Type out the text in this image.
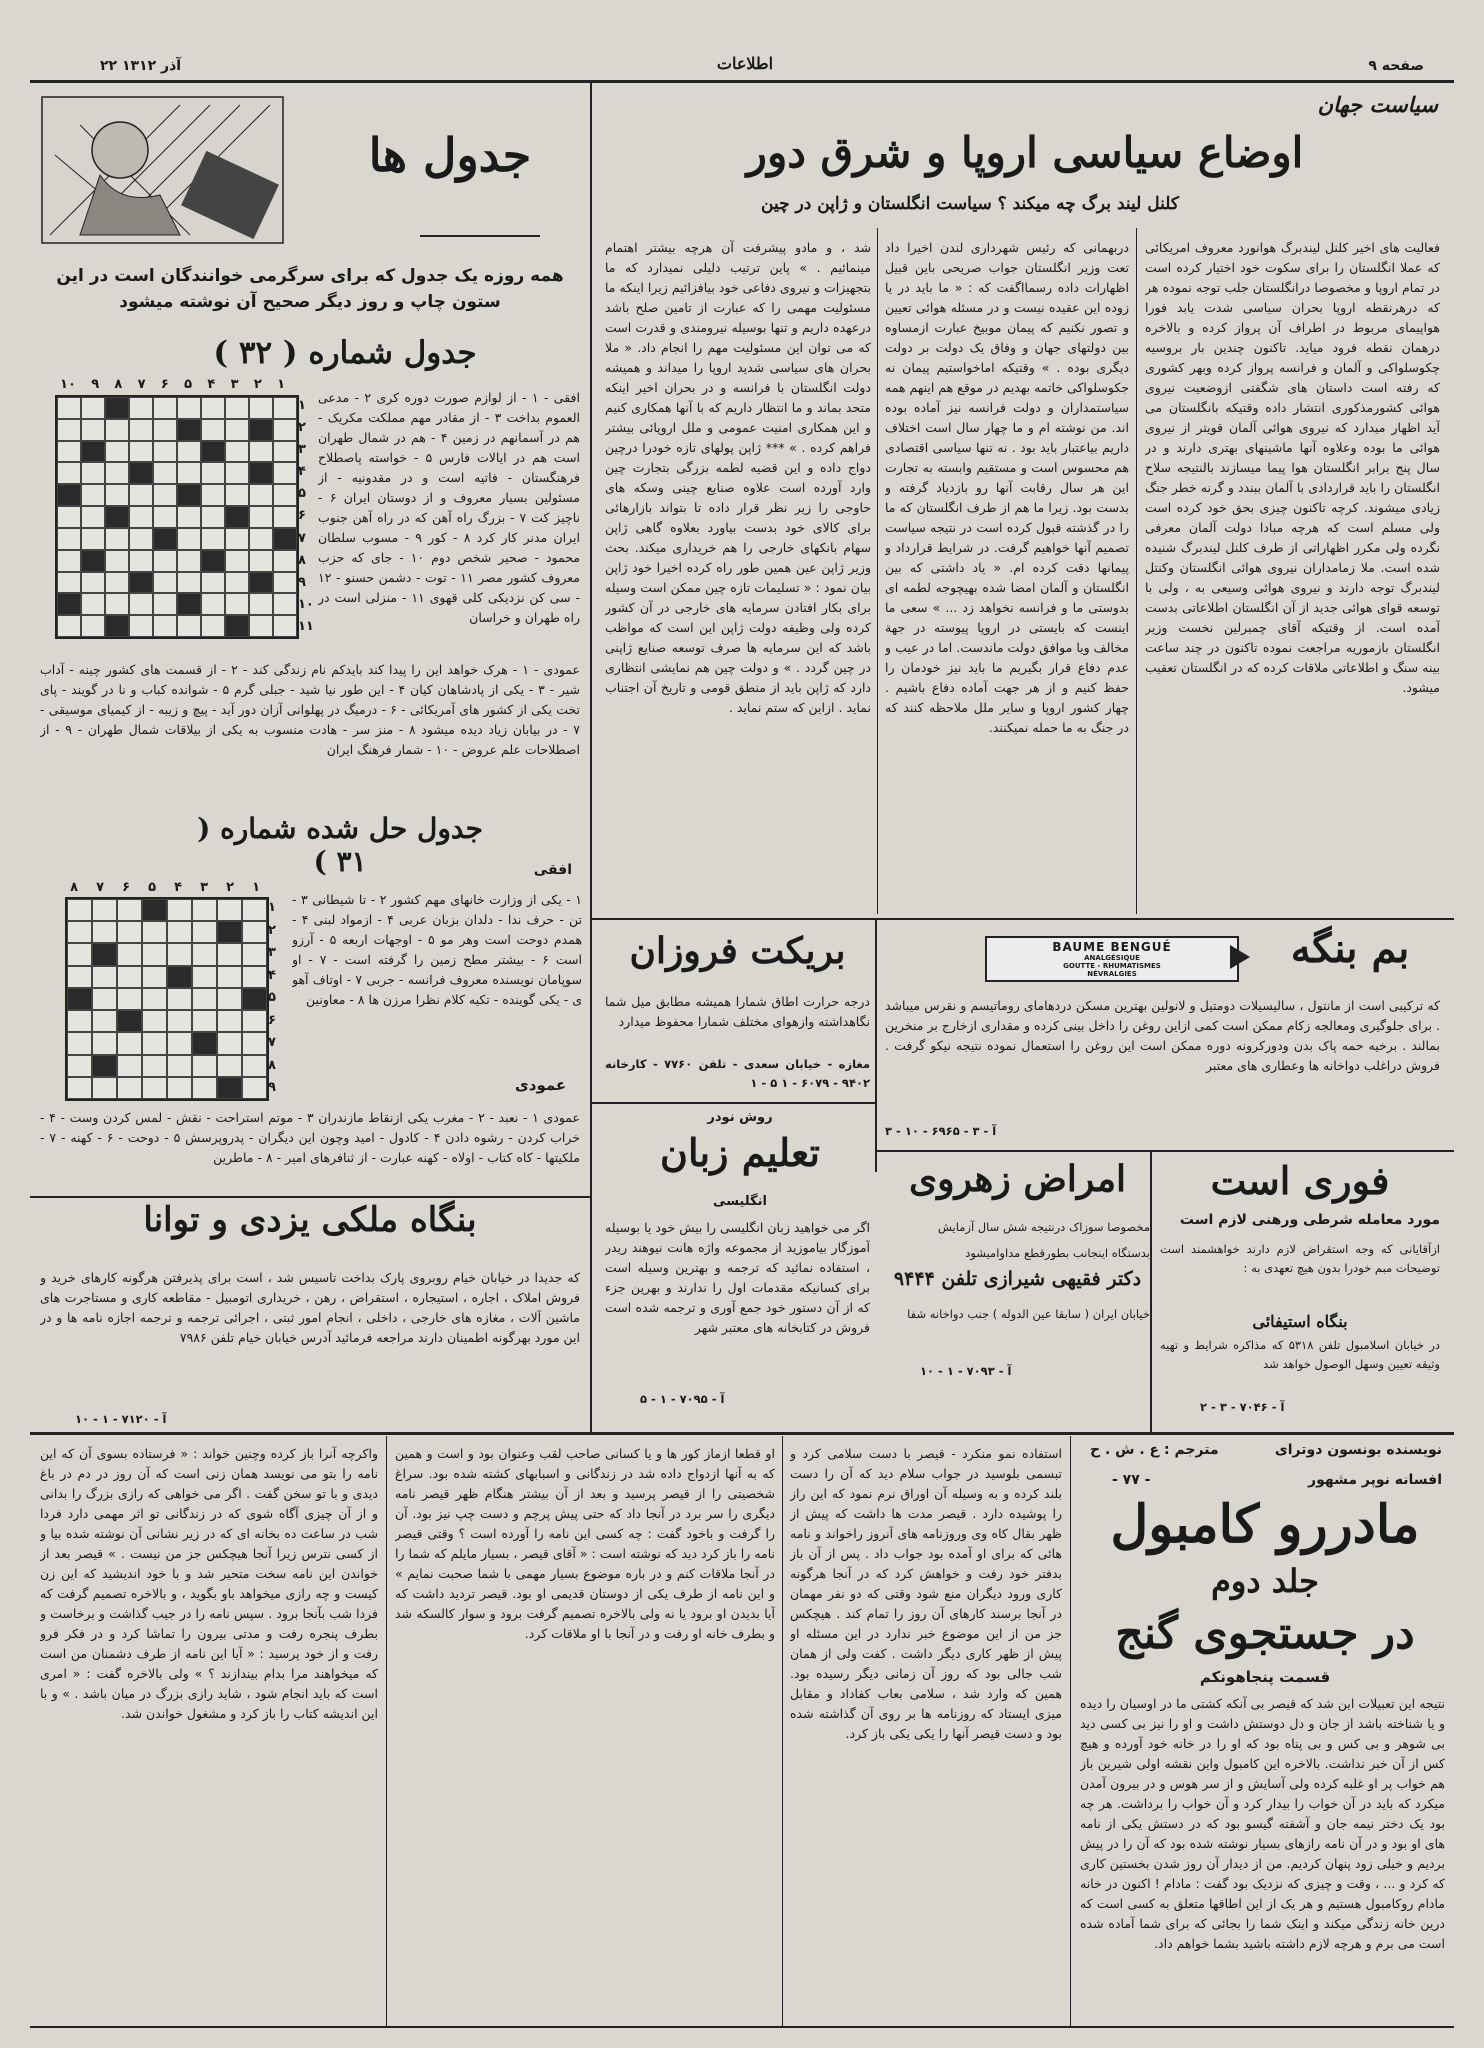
صفحه ۹
اطلاعات
۲۲ آذر ۱۳۱۲
سیاست جهان
جدول ها
همه روزه یک جدول که برای سرگرمی خوانندگان است در این ستون چاپ و روز دیگر صحیح آن نوشته میشود
جدول شماره ( ۳۲ )
۱
۲
۳
۴
۵
۶
۷
۸
۹
۱۰
۱
۲
۳
۴
۵
۶
۷
۸
۹
۱۰
۱۱
افقی - ۱ - از لوازم صورت دوره کری ۲ - مدعی العموم بداخت ۳ - از مقادر مهم مملکت مکریک - هم در آسمانهم در زمین ۴ - هم در شمال طهران است هم در ایالات فارس ۵ - خواسته پاصطلاح فرهنگستان - فاتیه است و در مقدونیه - از مسئولین بسیار معروف و از دوستان ایران ۶ - ناچیز کت ۷ - بزرگ راه آهن که در راه آهن جنوب ایران مدنر کار کرد ۸ - کور ۹ - مسوب سلطان محمود - صحیر شخص دوم ۱۰ - جای که حزب معروف کشور مصر ۱۱ - توت - دشمن حسنو - ۱۲ - سی کن نزدیکی کلی قهوی ۱۱ - منزلی است در راه طهران و خراسان
عمودی - ۱ - هرک خواهد این را پیدا کند بایدکم نام زندگی کند - ۲ - از قسمت های کشور چینه - آداب شیر - ۳ - یکی از پادشاهان کیان ۴ - این طور نیا شید - جبلی گرم ۵ - شوانده کباب و نا در گویند - پای تخت یکی از کشور های آمریکائی - ۶ - درمیگ در پهلوانی آزان دور آید - پیچ و زیبه - از کیمیای موسیقی - ۷ - در بیابان زیاد دیده میشود ۸ - منز سر - هادت منسوب به یکی از بیلاقات شمال طهران - ۹ - از اصطلاحات علم عروض - ۱۰ - شمار فرهنگ ایران
جدول حل شده شماره ( ۳۱ )	افقی
۱
۲
۳
۴
۵
۶
۷
۸
۱
۲
۳
۴
۵
۶
۷
۸
۹
۱ - یکی از وزارت خانهای مهم کشور ۲ - تا شیطانی ۳ - تن - حرف ندا - دلدان بزبان عربی ۴ - ازمواد لبنی ۴ - همدم دوحت است وهر مو ۵ - اوجهات اربعه ۵ - آرزو است ۶ - بیشتر مطح زمین را گرفته است - ۷ - او سوپامان نویسنده معروف فرانسه - جربی ۷ - اوتاف آهو ی - یکی گوینده - تکیه کلام نظرا مرزن ها ۸ - معاونین
عمودی
عمودی ۱ - نعبد - ۲ - مغرب یکی ازنقاط مازندران ۳ - موتم استراحت - نقش - لمس کردن وست - ۴ - خراب کردن - رشوه دادن ۴ - کادول - امید وچون این دیگران - پدروپرسش ۵ - دوحت - ۶ - کهنه - ۷ - ملکیتها - کاه کتاب - اولاه - کهنه عبارت - از ثنافرهای امیر - ۸ - ماطرین
بنگاه ملکی یزدی و توانا
که جدیدا در خیابان خیام روبروی پارک بداخت تاسیس شد ، است برای پذیرفتن هرگونه کارهای خرید و فروش املاک ، اجاره ، استیجاره ، استقراض ، رهن ، خریداری اتومبیل - مقاطعه کاری و مستاجرت های ماشین آلات ، مغازه های خارجی ، داخلی ، انجام امور ثبتی ، اجرائی ترجمه و ترجمه اجازه نامه ها و در این مورد بهرگونه اطمینان دارند مراجعه فرمائید آدرس خیابان خیام تلفن ۷۹۸۶
آ - ۷۱۲۰ - ۱ - ۱۰
اوضاع سیاسی اروپا و شرق دور
کلنل لیند برگ چه میکند ؟ سیاست انگلستان و ژاپن در چین
فعالیت های اخیر کلنل لیندبرگ هوانورد معروف امریکائی که عملا انگلستان را برای سکوت خود اختیار کرده است در تمام اروپا و مخصوصا درانگلستان جلب توجه نموده هر که درهرنقطه اروپا بحران سیاسی شدت یابد فورا هواپیمای مربوط در اطراف آن پرواز کرده و بالاخره درهمان نقطه فرود میاید. تاکنون چندین بار بروسیه چکوسلواکی و آلمان و فرانسه پرواز کرده وبهر کشوری که رفته است داستان های شگفتی ازوضعیت نیروی هوائی کشورمذکوری انتشار داده وقتیکه بانگلستان می آید اظهار میدارد که نیروی هوائی آلمان قویتر از نیروی هوائی ما بوده وعلاوه آنها ماشینهای بهتری دارند و در سال پنج برابر انگلستان هوا پیما میسازند بالنتیجه سلاح انگلستان را باید قراردادی با آلمان ببندد و گرنه خطر جنگ زیادی میشوند. کرچه تاکنون چیزی بحق خود کرده است ولی مسلم است که هرچه مبادا دولت آلمان معرفی نگرده ولی مکرر اظهاراتی از طرف کلنل لیندبرگ شنیده شده است. ملا زمامداران نیروی هوائی انگلستان وکنتل لیندبرگ توجه دارند و نیروی هوائی وسیعی به ، ولی با توسعه قوای هوائی جدید از آن انگلستان اطلاعاتی بدست آمده است. از وقتیکه آقای چمبرلین نخست وزیر انگلستان بازموریه مراجعت نموده تاکنون در چند ساعت بینه سنگ و اطلاعاتی ملاقات کرده که در انگلستان تعقیب میشود.
دربهمانی که رئیس شهرداری لندن اخیرا داد تعت وزیر انگلستان جواب صریحی باین قبیل اظهارات داده رسمااگفت که : « ما باید در یا زوده این عقیده نیست و در مسئله هوائی تعیین و تصور نکنیم که پیمان موبیخ عبارت ازمساوه بین دولتهای جهان و وفاق یک دولت بر دولت دیگری بوده . » وقتیکه اماخواستیم پیمان نه جکوسلواکی خاتمه بهدیم در موقع هم اینهم همه سیاستمداران و دولت فرانسه نیز آماده بوده اند. من نوشته ام و ما چهار سال است اختلاف داریم بیاعتبار باید بود . نه تنها سیاسی اقتصادی هم محسوس است و مستقیم وابسته به تجارت این هر سال رقابت آنها رو بازدیاد گرفته و بدست بود. زیرا ما هم از طرف انگلستان که ما را در گذشته قبول کرده است در نتیجه سیاست تصمیم آنها خواهیم گرفت. در شرایط قرارداد و پیمانها دقت کرده ام. « یاد داشتی که بین انگلستان و آلمان امضا شده بهیچوجه لطمه ای بدوستی ما و فرانسه نخواهد زد ... » سعی ما اینست که بایستی در اروپا پیوسته در جهة مخالف ویا موافق دولت ماندست. اما در عیب و عدم دفاع قرار بگیریم ما باید نیز خودمان را حفظ کنیم و از هر جهت آماده دفاع باشیم . چهار کشور اروپا و سایر ملل ملاحظه کنند که در جنگ به ما حمله نمیکنند.
شد ، و مادو پیشرفت آن هرچه بیشتر اهتمام مینمائیم . » پاین ترتیب دلیلی نمیدارد که ما بتجهیزات و نیروی دفاعی خود بیافزائیم زیرا اینکه ما مسئولیت مهمی را که عبارت از تامین صلح باشد درعهده داریم و تنها بوسیله نیرومندی و قدرت است که می توان این مسئولیت مهم را انجام داد. « ملا بحران های سیاسی شدید اروپا را میداند و همیشه دولت انگلستان با فرانسه و در بحران اخیر اینکه متحد بماند و ما انتظار داریم که با آنها همکاری کنیم و این همکاری امنیت عمومی و ملل اروپائی بیشتر فراهم کرده . » *** ژاپن پولهای تازه خودرا درچین دواج داده و این قضیه لطمه بزرگی بتجارت چین وارد آورده است علاوه صنایع چینی وسکه هاى حاوجی را زیر نظر قرار داده تا بتواند بازارهائی برای کالای خود بدست بیاورد بعلاوه گاهی ژاپن سهام بانکهای خارجی را هم خریداری میکند. بحث وزیر ژاپن عین همین طور راه کرده اخیرا خود ژاپن بیان نمود : « تسلیمات تازه چین ممکن است وسیله برای بکار افتادن سرمایه های خارجی در آن کشور کرده ولی وظیفه دولت ژاپن این است که مواظب باشد که این سرمایه ها صرف توسعه صنایع ژاپنی در چین گردد . » و دولت چین هم نمایشی انتظاری دارد که ژاپن باید از منطق قومی و تاریخ آن اجتناب نماید . ازاین که ستم نماید .
بریکت فروزان
درجه حرارت اطاق شمارا همیشه مطابق میل شما نگاهداشته وازهوای مختلف شمارا محفوظ میدارد
مغازه - خیابان سعدی - تلفن ۷۷۶۰ - کارخانه ۹۴۰۲ - ۶۰۷۹ - ۱ ۵ - ۱
BAUME BENGUÉ
ANALGÉSIQUE
GOUTTE - RHUMATISMES
NÉVRALGIES
بم بنگه
که ترکیبی است از مانتول ، سالیسیلات دومتیل و لانولین بهترین مسکن دردهامای روماتیسم و نقرس میباشد . برای جلوگیری ومعالجه زکام ممکن است کمی ازاین روغن را داخل بینی کرده و مقداری ازخارج بر منخرین بمالند . برخیه حمه پاک بدن ودورکرونه دوره ممکن است این روغن را استعمال نموده نتیجه نیکو گرفت . فروش دراغلب دواخانه ها وعطاری های معتبر
آ - ۳ - ۶۹۶۵ - ۱۰ - ۳
روش نودر
تعلیم زبان
انگلیسی
اگر می خواهید زبان انگلیسی را بیش خود یا بوسیله آموزگار بیاموزید از مجموعه واژه هانت نیوهند ریدر ، استفاده نمائید که ترجمه و بهترین وسیله است برای کسانیکه مقدمات اول را ندارند و بهرین جزء که از آن دستور خود جمع آوری و ترجمه شده است فروش در کتابخانه های معتبر شهر
آ - ۷۰۹۵ - ۱ - ۵
امراض زهروی
مخصوصا سوزاک درنتیجه شش سال آزمایش
بدستگاه اینجانب بطورقطع مداوامیشود
دکتر فقیهی شیرازی تلفن ۹۴۴۴
خیابان ایران ( سابقا عین الدوله ) جنب دواخانه شفا
آ - ۷۰۹۳ - ۱ - ۱۰
فوری است
مورد معامله شرطی ورهنی لازم است
ازآقایانی که وجه استقراض لازم دارند خواهشمند است توضیحات مبم خودرا بدون هیچ تعهدی به :
بنگاه استیفائی
در خیابان اسلامبول تلفن ۵۳۱۸ که مذاکره شرایط و تهیه وثیقه تعیین وسهل الوصول خواهد شد
آ - ۷۰۴۶ - ۳ - ۲
نویسنده بونسون دوترای
مترجم : ع . ش . ح
افسانه نوپر مشهور
- ۷۷ -
مادررو کامبول
جلد دوم
در جستجوی گنج
قسمت پنجاهونکم
نتیجه این تعبیلات این شد که قیصر بی آنکه کشتی ما در اوسیان را دیده و یا شناخته باشد از جان و دل دوستش داشت و او را نیز بی کسی دید بی شوهر و بی کس و بی پناه بود که او را در خانه خود آورده و هیچ کس از آن خبر نداشت. بالاخره این کامبول واین نقشه اولی شیرین باز هم خواب پر او غلبه کرده ولی آسایش و از سر هوس و در بیرون آمدن میکرد که باید در آن خواب را بیدار کرد و آن خواب را برداشت. هر چه بود یک دختر نیمه جان و آشفته گیسو بود که در دستش یکی از نامه های او بود و در آن نامه رازهای بسیار نوشته شده بود که آن را در پیش بردیم و خیلی زود پنهان کردیم. من از دیدار آن روز شدن بخستین کاری که کرد و ... ، وقت و چیزی که نزدیک بود گفت : مادام ! اکنون در خانه مادام روکامبول هستیم و هر یک از این اطاقها متعلق به کسی است که درین خانه زندگی میکند و اینک شما را بجائی که برای شما آماده شده است می برم و هرچه لازم داشته باشید بشما خواهم داد.
استفاده نمو منکرد - قیصر با دست سلامی کرد و تبسمی بلوسید در جواب سلام دید که آن را دست بلند کرده و به وسیله آن اوراق نرم نمود که این راز را پوشیده دارد . قیصر مدت ها داشت که پیش از ظهر بقال کاه وی وروزنامه های آنروز راخواند و نامه هائی که برای او آمده بود جواب داد . پس از آن باز بدفتر خود رفت و خواهش کرد که در آنجا هرگونه کاری ورود دیگران منع شود وقتی که دو نفر مهمان در آنجا برسند کارهای آن روز را تمام کند . هیچکس جز من از این موضوع خبر ندارد در این مسئله او پیش از ظهر کاری دیگر داشت . کفت ولی از همان شب جالی بود که روز آن زمانی دیگر رسیده بود. همین که وارد شد ، سلامی بعاب کفاداد و مقابل میزی ایستاد که روزنامه ها بر روی آن گذاشته شده بود و دست قیصر آنها را یکی یکی باز کرد.
او قطعا ازماز کور ها و یا کسانی صاحب لقب وعنوان بود و است و همین که به آنها ازدواج داده شد در زندگانی و اسبابهای کشته شده بود. سراغ شخصیتی را از قیصر پرسید و بعد از آن بیشتر هنگام ظهر قیصر نامه دیگری را سر برد در آنجا داد که حتی پیش پرچم و دست چپ نیز بود. آن را گرفت و باخود گفت : چه کسی این نامه را آورده است ؟ وقتی قیصر نامه را باز کرد دید که نوشته است : « آقای قیصر ، بسیار مایلم که شما را در آنجا ملاقات کنم و در باره موضوع بسیار مهمی با شما صحبت نمایم » و این نامه از طرف یکی از دوستان قدیمی او بود. قیصر تردید داشت که آیا بدیدن او برود یا نه ولی بالاخره تصمیم گرفت برود و سوار کالسکه شد و بطرف خانه او رفت و در آنجا با او ملاقات کرد.
واکرچه آنرا باز کرده وچنین خواند : « فرستاده بسوی آن که این نامه را بتو می نویسد همان زنی است که آن روز در دم در باغ دیدی و با تو سخن گفت . اگر می خواهی که رازی بزرگ را بدانی و از آن چیزی آگاه شوی که در زندگانی تو اثر مهمی دارد فردا شب در ساعت ده بخانه ای که در زیر نشانی آن نوشته شده بیا و از کسی نترس زیرا آنجا هیچکس جز من نیست . » قیصر بعد از خواندن این نامه سخت متحیر شد و با خود اندیشید که این زن کیست و چه رازی میخواهد باو بگوید ، و بالاخره تصمیم گرفت که فردا شب بآنجا برود . سپس نامه را در جیب گذاشت و برخاست و بطرف پنجره رفت و مدتی بیرون را تماشا کرد و در فکر فرو رفت و از خود پرسید : « آیا این نامه از طرف دشمنان من است که میخواهند مرا بدام بیندازند ؟ » ولی بالاخره گفت : « امری است که باید انجام شود ، شاید رازی بزرگ در میان باشد . » و با این اندیشه کتاب را باز کرد و مشغول خواندن شد.
